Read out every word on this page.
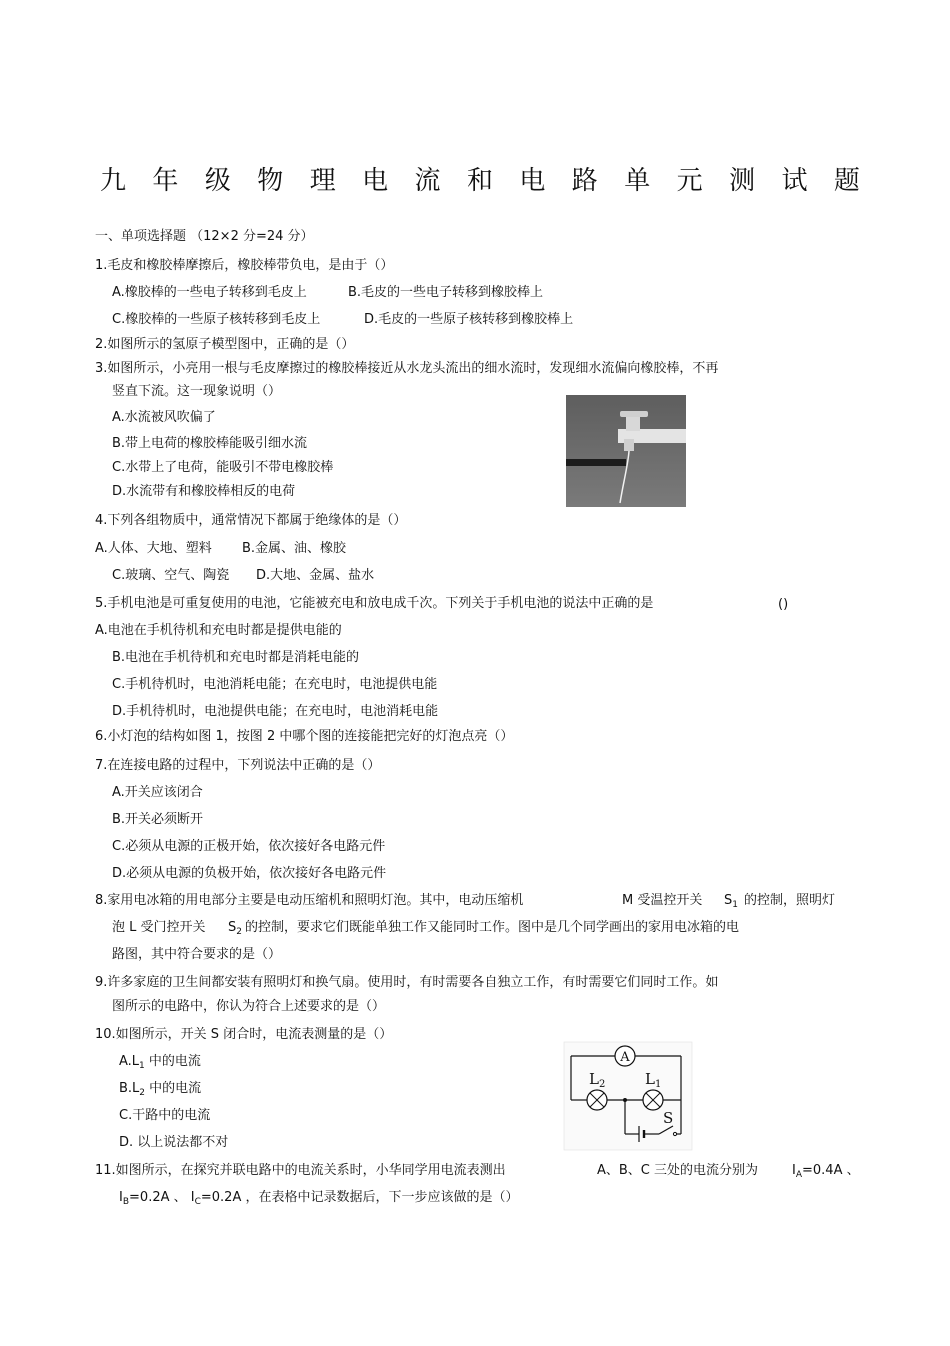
九 年 级 物 理 电 流 和 电 路 单 元 测 试 题
一、单项选择题 （12×2 分=24 分）
1.毛皮和橡胶棒摩擦后，橡胶棒带负电，是由于（）
A.橡胶棒的一些电子转移到毛皮上	B.毛皮的一些电子转移到橡胶棒上
C.橡胶棒的一些原子核转移到毛皮上	D.毛皮的一些原子核转移到橡胶棒上
2.如图所示的氢原子模型图中，正确的是（）
3.如图所示，小亮用一根与毛皮摩擦过的橡胶棒接近从水龙头流出的细水流时，发现细水流偏向橡胶棒，不再
竖直下流。这一现象说明（）
A.水流被风吹偏了
B.带上电荷的橡胶棒能吸引细水流
C.水带上了电荷，能吸引不带电橡胶棒
D.水流带有和橡胶棒相反的电荷
4.下列各组物质中，通常情况下都属于绝缘体的是（）
A.人体、大地、塑料 B.金属、油、橡胶
C.玻璃、空气、陶瓷 D.大地、金属、盐水
5.手机电池是可重复使用的电池，它能被充电和放电成千次。下列关于手机电池的说法中正确的是	()
A.电池在手机待机和充电时都是提供电能的
B.电池在手机待机和充电时都是消耗电能的
C.手机待机时，电池消耗电能；在充电时，电池提供电能
D.手机待机时，电池提供电能；在充电时，电池消耗电能
6.小灯泡的结构如图 1，按图 2 中哪个图的连接能把完好的灯泡点亮（）
7.在连接电路的过程中，下列说法中正确的是（）
A.开关应该闭合
B.开关必须断开
C.必须从电源的正极开始，依次接好各电路元件
D.必须从电源的负极开始，依次接好各电路元件
8.家用电冰箱的用电部分主要是电动压缩机和照明灯泡。其中，电动压缩机	M 受温控开关 $S_1$ 的控制，照明灯
泡 L 受门控开关 $S_2$ 的控制，要求它们既能单独工作又能同时工作。图中是几个同学画出的家用电冰箱的电
路图，其中符合要求的是（）
9.许多家庭的卫生间都安装有照明灯和换气扇。使用时，有时需要各自独立工作，有时需要它们同时工作。如
图所示的电路中，你认为符合上述要求的是（）
10.如图所示，开关 S 闭合时，电流表测量的是（）
$A.L_1$ 中的电流
$B.L_2$ 中的电流
C.干路中的电流
D. 以上说法都不对
A
$L_2$	$L_1$
S
11.如图所示，在探究并联电路中的电流关系时，小华同学用电流表测出	A、B、C 三处的电流分别为	$I_A=0.4A$ 、
$I_B=0.2A$ 、 $I_C=0.2A$ ，在表格中记录数据后，下一步应该做的是（）
